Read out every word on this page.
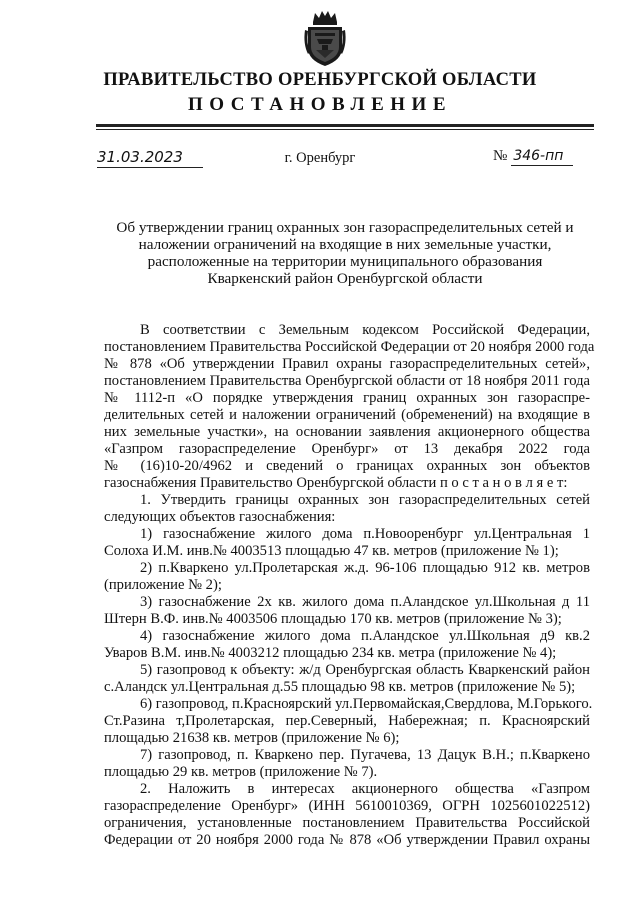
ПРАВИТЕЛЬСТВО ОРЕНБУРГСКОЙ ОБЛАСТИ
ПОСТАНОВЛЕНИЕ
31.03.2023	г. Оренбург	№ 346-пп
Об утверждении границ охранных зон газораспределительных сетей и
наложении ограничений на входящие в них земельные участки,
расположенные на территории муниципального образования
Кваркенский район Оренбургской области
В соответствии с Земельным кодексом Российской Федерации,
постановлением Правительства Российской Федерации от 20 ноября 2000 года
№ 878 «Об утверждении Правил охраны газораспределительных сетей»,
постановлением Правительства Оренбургской области от 18 ноября 2011 года
№ 1112-п «О порядке утверждения границ охранных зон газораспре-
делительных сетей и наложении ограничений (обременений) на входящие в
них земельные участки», на основании заявления акционерного общества
«Газпром газораспределение Оренбург» от 13 декабря 2022 года
№ (16)10-20/4962 и сведений о границах охранных зон объектов
газоснабжения Правительство Оренбургской области п о с т а н о в л я е т:
1. Утвердить границы охранных зон газораспределительных сетей
следующих объектов газоснабжения:
1) газоснабжение жилого дома п.Новооренбург ул.Центральная 1
Солоха И.М. инв.№ 4003513 площадью 47 кв. метров (приложение № 1);
2) п.Кваркено ул.Пролетарская ж.д. 96-106 площадью 912 кв. метров
(приложение № 2);
3) газоснабжение 2х кв. жилого дома п.Аландское ул.Школьная д 11
Штерн В.Ф. инв.№ 4003506 площадью 170 кв. метров (приложение № 3);
4) газоснабжение жилого дома п.Аландское ул.Школьная д9 кв.2
Уваров В.М. инв.№ 4003212 площадью 234 кв. метра (приложение № 4);
5) газопровод к объекту: ж/д Оренбургская область Кваркенский район
с.Аландск ул.Центральная д.55 площадью 98 кв. метров (приложение № 5);
6) газопровод, п.Красноярский ул.Первомайская,Свердлова, М.Горького.
Ст.Разина т,Пролетарская, пер.Северный, Набережная; п. Красноярский
площадью 21638 кв. метров (приложение № 6);
7) газопровод, п. Кваркено пер. Пугачева, 13 Дацук В.Н.; п.Кваркено
площадью 29 кв. метров (приложение № 7).
2. Наложить в интересах акционерного общества «Газпром
газораспределение Оренбург» (ИНН 5610010369, ОГРН 1025601022512)
ограничения, установленные постановлением Правительства Российской
Федерации от 20 ноября 2000 года № 878 «Об утверждении Правил охраны
